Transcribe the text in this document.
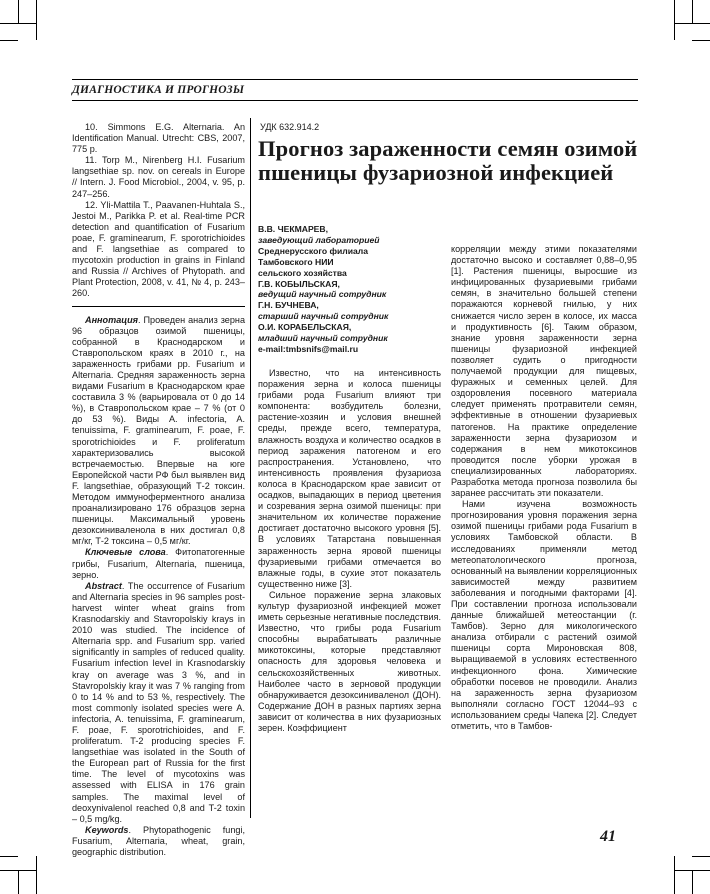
ДИАГНОСТИКА И ПРОГНОЗЫ

10. Simmons E.G. Alternaria. An Identification Manual. Utrecht: CBS, 2007, 775 p.

11. Torp M., Nirenberg H.I. Fusarium langsethiae sp. nov. on cereals in Europe // Intern. J. Food Microbiol., 2004, v. 95, p. 247–256.

12. Yli-Mattila T., Paavanen-Huhtala S., Jestoi M., Parikka P. et al. Real-time PCR detection and quantification of Fusarium poae, F. graminearum, F. sporotrichioides and F. langsethiae as compared to mycotoxin production in grains in Finland and Russia // Archives of Phytopath. and Plant Protection, 2008, v. 41, № 4, p. 243–260.

Аннотация. Проведен анализ зерна 96 образцов озимой пшеницы, собранной в Краснодарском и Ставропольском краях в 2010 г., на зараженность грибами рр. Fusarium и Alternaria. Средняя зараженность зерна видами Fusarium в Краснодарском крае составила 3 % (варьировала от 0 до 14 %), в Ставропольском крае – 7 % (от 0 до 53 %). Виды A. infectoria, A. tenuissima, F. graminearum, F. poae, F. sporotrichioides и F. proliferatum характеризовались высокой встречаемостью. Впервые на юге Европейской части РФ был выявлен вид F. langsethiae, образующий Т-2 токсин. Методом иммуноферментного анализа проанализировано 176 образцов зерна пшеницы. Максимальный уровень дезоксиниваленола в них достигал 0,8 мг/кг, Т-2 токсина – 0,5 мг/кг.

Ключевые слова. Фитопатогенные грибы, Fusarium, Alternaria, пшеница, зерно.

Abstract. The occurrence of Fusarium and Alternaria species in 96 samples post-harvest winter wheat grains from Krasnodarskiy and Stavropolskiy krays in 2010 was studied. The incidence of Alternaria spp. and Fusarium spp. varied significantly in samples of reduced quality. Fusarium infection level in Krasnodarskiy kray on average was 3 %, and in Stavropolskiy kray it was 7 % ranging from 0 to 14 % and to 53 %, respectively. The most commonly isolated species were A. infectoria, A. tenuissima, F. graminearum, F. poae, F. sporotrichioides, and F. proliferatum. T-2 producing species F. langsethiae was isolated in the South of the European part of Russia for the first time. The level of mycotoxins was assessed with ELISA in 176 grain samples. The maximal level of deoxynivalenol reached 0,8 and T-2 toxin – 0,5 mg/kg.

Keywords. Phytopathogenic fungi, Fusarium, Alternaria, wheat, grain, geographic distribution.

УДК 632.914.2
Прогноз зараженности семян озимой пшеницы фузариозной инфекцией
В.В. ЧЕКМАРЕВ,
заведующий лабораторией
Среднерусского филиала
Тамбовского НИИ
сельского хозяйства
Г.В. КОБЫЛЬСКАЯ,
ведущий научный сотрудник
Г.Н. БУЧНЕВА,
старший научный сотрудник
О.И. КОРАБЕЛЬСКАЯ,
младший научный сотрудник
e-mail:tmbsnifs@mail.ru

Известно, что на интенсивность поражения зерна и колоса пшеницы грибами рода Fusarium влияют три компонента: возбудитель болезни, растение-хозяин и условия внешней среды, прежде всего, температура, влажность воздуха и количество осадков в период заражения патогеном и его распространения. Установлено, что интенсивность проявления фузариоза колоса в Краснодарском крае зависит от осадков, выпадающих в период цветения и созревания зерна озимой пшеницы: при значительном их количестве поражение достигает достаточно высокого уровня [5]. В условиях Татарстана повышенная зараженность зерна яровой пшеницы фузариевыми грибами отмечается во влажные годы, в сухие этот показатель существенно ниже [3].

Сильное поражение зерна злаковых культур фузариозной инфекцией может иметь серьезные негативные последствия. Известно, что грибы рода Fusarium способны вырабатывать различные микотоксины, которые представляют опасность для здоровья человека и сельскохозяйственных животных. Наиболее часто в зерновой продукции обнаруживается дезоксиниваленол (ДОН). Содержание ДОН в разных партиях зерна зависит от количества в них фузариозных зерен. Коэффициент

корреляции между этими показателями достаточно высоко и составляет 0,88–0,95 [1]. Растения пшеницы, выросшие из инфицированных фузариевыми грибами семян, в значительно большей степени поражаются корневой гнилью, у них снижается число зерен в колосе, их масса и продуктивность [6]. Таким образом, знание уровня зараженности зерна пшеницы фузариозной инфекцией позволяет судить о пригодности получаемой продукции для пищевых, фуражных и семенных целей. Для оздоровления посевного материала следует применять протравители семян, эффективные в отношении фузариевых патогенов. На практике определение зараженности зерна фузариозом и содержания в нем микотоксинов проводится после уборки урожая в специализированных лабораториях. Разработка метода прогноза позволила бы заранее рассчитать эти показатели.

Нами изучена возможность прогнозирования уровня поражения зерна озимой пшеницы грибами рода Fusarium в условиях Тамбовской области. В исследованиях применяли метод метеопатологического прогноза, основанный на выявлении корреляционных зависимостей между развитием заболевания и погодными факторами [4]. При составлении прогноза использовали данные ближайшей метеостанции (г. Тамбов). Зерно для микологического анализа отбирали с растений озимой пшеницы сорта Мироновская 808, выращиваемой в условиях естественного инфекционного фона. Химические обработки посевов не проводили. Анализ на зараженность зерна фузариозом выполняли согласно ГОСТ 12044–93 с использованием среды Чапека [2]. Следует отметить, что в Тамбов-

41
